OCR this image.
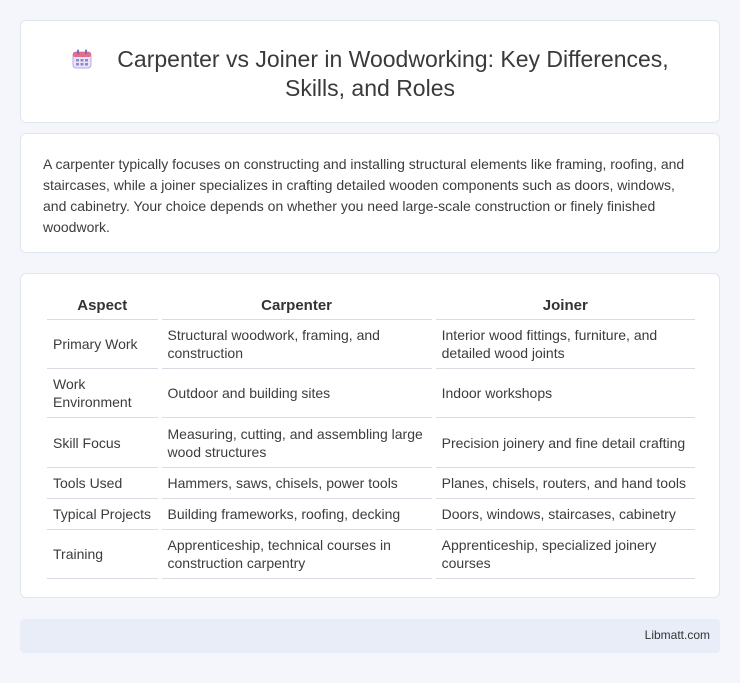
Carpenter vs Joiner in Woodworking: Key Differences,
Skills, and Roles

A carpenter typically focuses on constructing and installing structural elements like framing, roofing, and staircases, while a joiner specializes in crafting detailed wooden components such as doors, windows, and cabinetry. Your choice depends on whether you need large-scale construction or finely finished woodwork.

Aspect	Carpenter	Joiner
Primary Work	Structural woodwork, framing, and construction	Interior wood fittings, furniture, and detailed wood joints
Work Environment	Outdoor and building sites	Indoor workshops
Skill Focus	Measuring, cutting, and assembling large wood structures	Precision joinery and fine detail crafting
Tools Used	Hammers, saws, chisels, power tools	Planes, chisels, routers, and hand tools
Typical Projects	Building frameworks, roofing, decking	Doors, windows, staircases, cabinetry
Training	Apprenticeship, technical courses in construction carpentry	Apprenticeship, specialized joinery courses
Libmatt.com
